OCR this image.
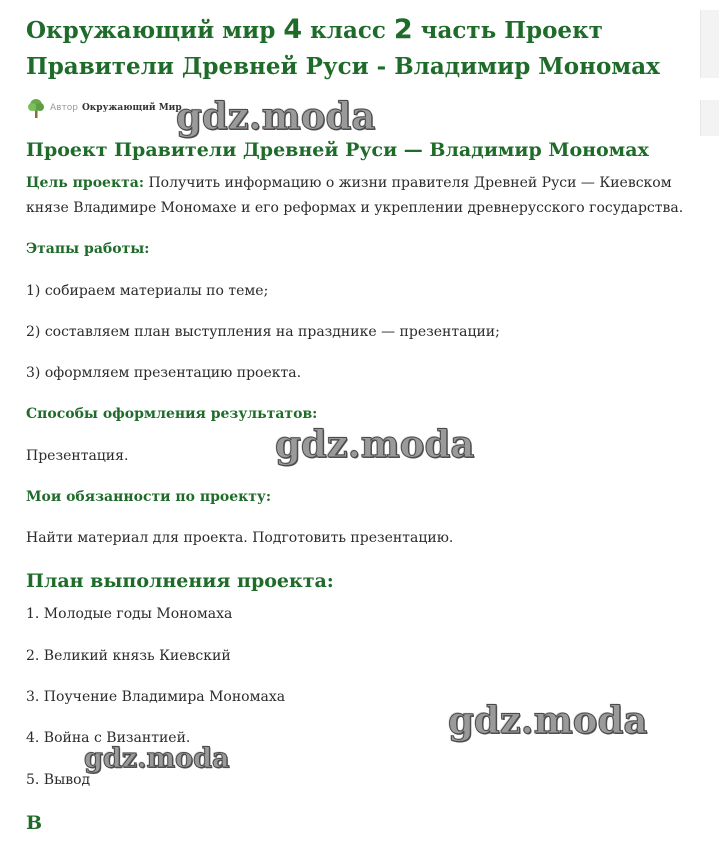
Окружающий мир 4 класс 2 часть Проект Правители Древней Руси - Владимир Мономах
Автор Окружающий Мир
Проект Правители Древней Руси — Владимир Мономах

Цель проекта: Получить информацию о жизни правителя Древней Руси — Киевском князе Владимире Мономахе и его реформах и укреплении древнерусского государства.

Этапы работы:

1) собираем материалы по теме;

2) составляем план выступления на празднике — презентации;

3) оформляем презентацию проекта.

Способы оформления результатов:

Презентация.

Мои обязанности по проекту:

Найти материал для проекта. Подготовить презентацию.

План выполнения проекта:

1. Молодые годы Мономаха

2. Великий князь Киевский

3. Поучение Владимира Мономаха

4. Война с Византией.

5. Вывод

В
gdz.moda
gdz.moda
gdz.moda
gdz.moda
